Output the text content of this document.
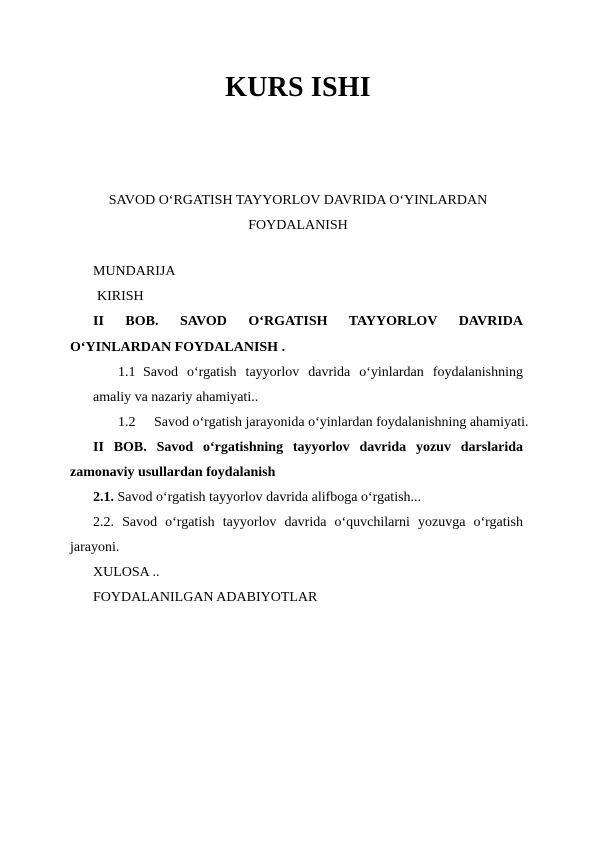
KURS ISHI
SAVOD O‘RGATISH TAYYORLOV DAVRIDA O‘YINLARDAN
FOYDALANISH
MUNDARIJA
KIRISH
II BOB. SAVOD O‘RGATISH TAYYORLOV DAVRIDA
O‘YINLARDAN FOYDALANISH .
1.1 Savod o‘rgatish tayyorlov davrida o‘yinlardan foydalanishning
amaliy va nazariy ahamiyati..
1.2 Savod o‘rgatish jarayonida o‘yinlardan foydalanishning ahamiyati.
II BOB. Savod o‘rgatishning tayyorlov davrida yozuv darslarida
zamonaviy usullardan foydalanish
2.1. Savod o‘rgatish tayyorlov davrida alifboga o‘rgatish...
2.2. Savod o‘rgatish tayyorlov davrida o‘quvchilarni yozuvga o‘rgatish
jarayoni.
XULOSA ..
FOYDALANILGAN ADABIYOTLAR
